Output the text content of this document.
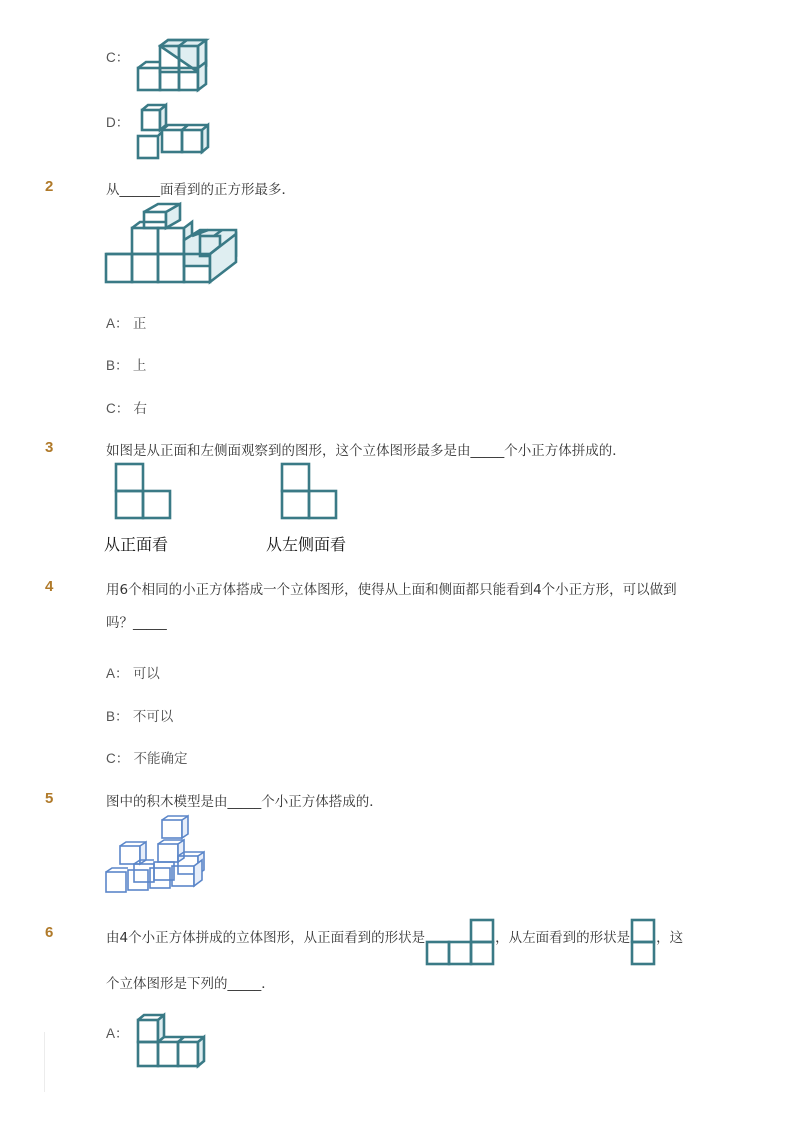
C：
D：
2	从______面看到的正方形最多．
A： 正
B： 上
C： 右
3	如图是从正面和左侧面观察到的图形，这个立体图形最多是由_____个小正方体拼成的．
从正面看	从左侧面看
4	用6个相同的小正方体搭成一个立体图形，使得从上面和侧面都只能看到4个小正方形，可以做到
吗？_____
A： 可以
B： 不可以
C： 不能确定
5	图中的积木模型是由_____个小正方体搭成的．
6	由4个小正方体拼成的立体图形，从正面看到的形状是	，从左面看到的形状是 ，这
个立体图形是下列的_____．
A：
